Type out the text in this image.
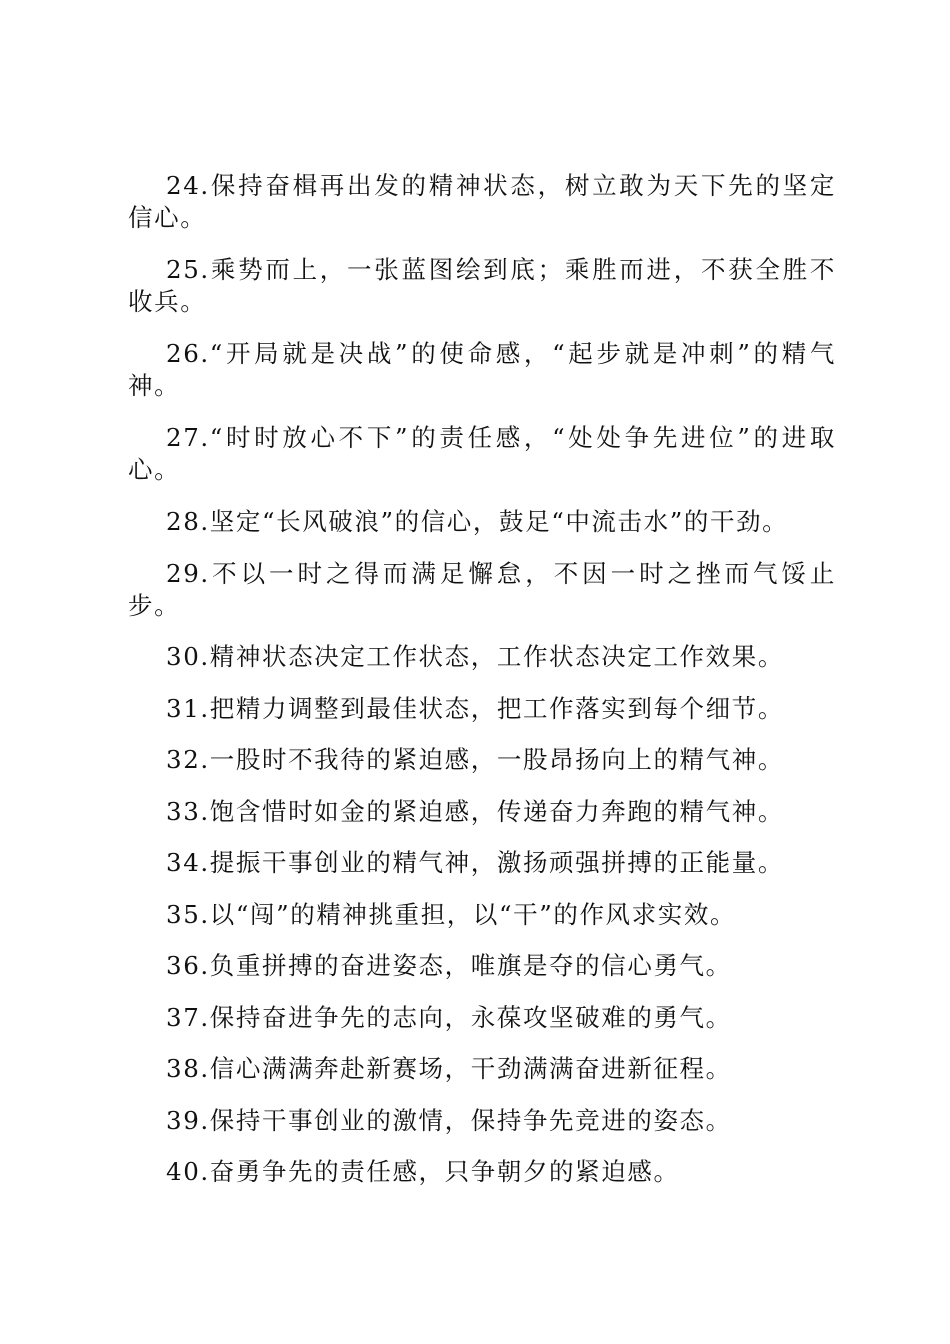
24.保持奋楫再出发的精神状态，树立敢为天下先的坚定信心。

25.乘势而上，一张蓝图绘到底；乘胜而进，不获全胜不收兵。

26.“开局就是决战”的使命感，“起步就是冲刺”的精气神。

27.“时时放心不下”的责任感，“处处争先进位”的进取心。

28.坚定“长风破浪”的信心，鼓足“中流击水”的干劲。

29.不以一时之得而满足懈怠，不因一时之挫而气馁止步。

30.精神状态决定工作状态，工作状态决定工作效果。

31.把精力调整到最佳状态，把工作落实到每个细节。

32.一股时不我待的紧迫感，一股昂扬向上的精气神。

33.饱含惜时如金的紧迫感，传递奋力奔跑的精气神。

34.提振干事创业的精气神，激扬顽强拼搏的正能量。

35.以“闯”的精神挑重担，以“干”的作风求实效。

36.负重拼搏的奋进姿态，唯旗是夺的信心勇气。

37.保持奋进争先的志向，永葆攻坚破难的勇气。

38.信心满满奔赴新赛场，干劲满满奋进新征程。

39.保持干事创业的激情，保持争先竞进的姿态。

40.奋勇争先的责任感，只争朝夕的紧迫感。
